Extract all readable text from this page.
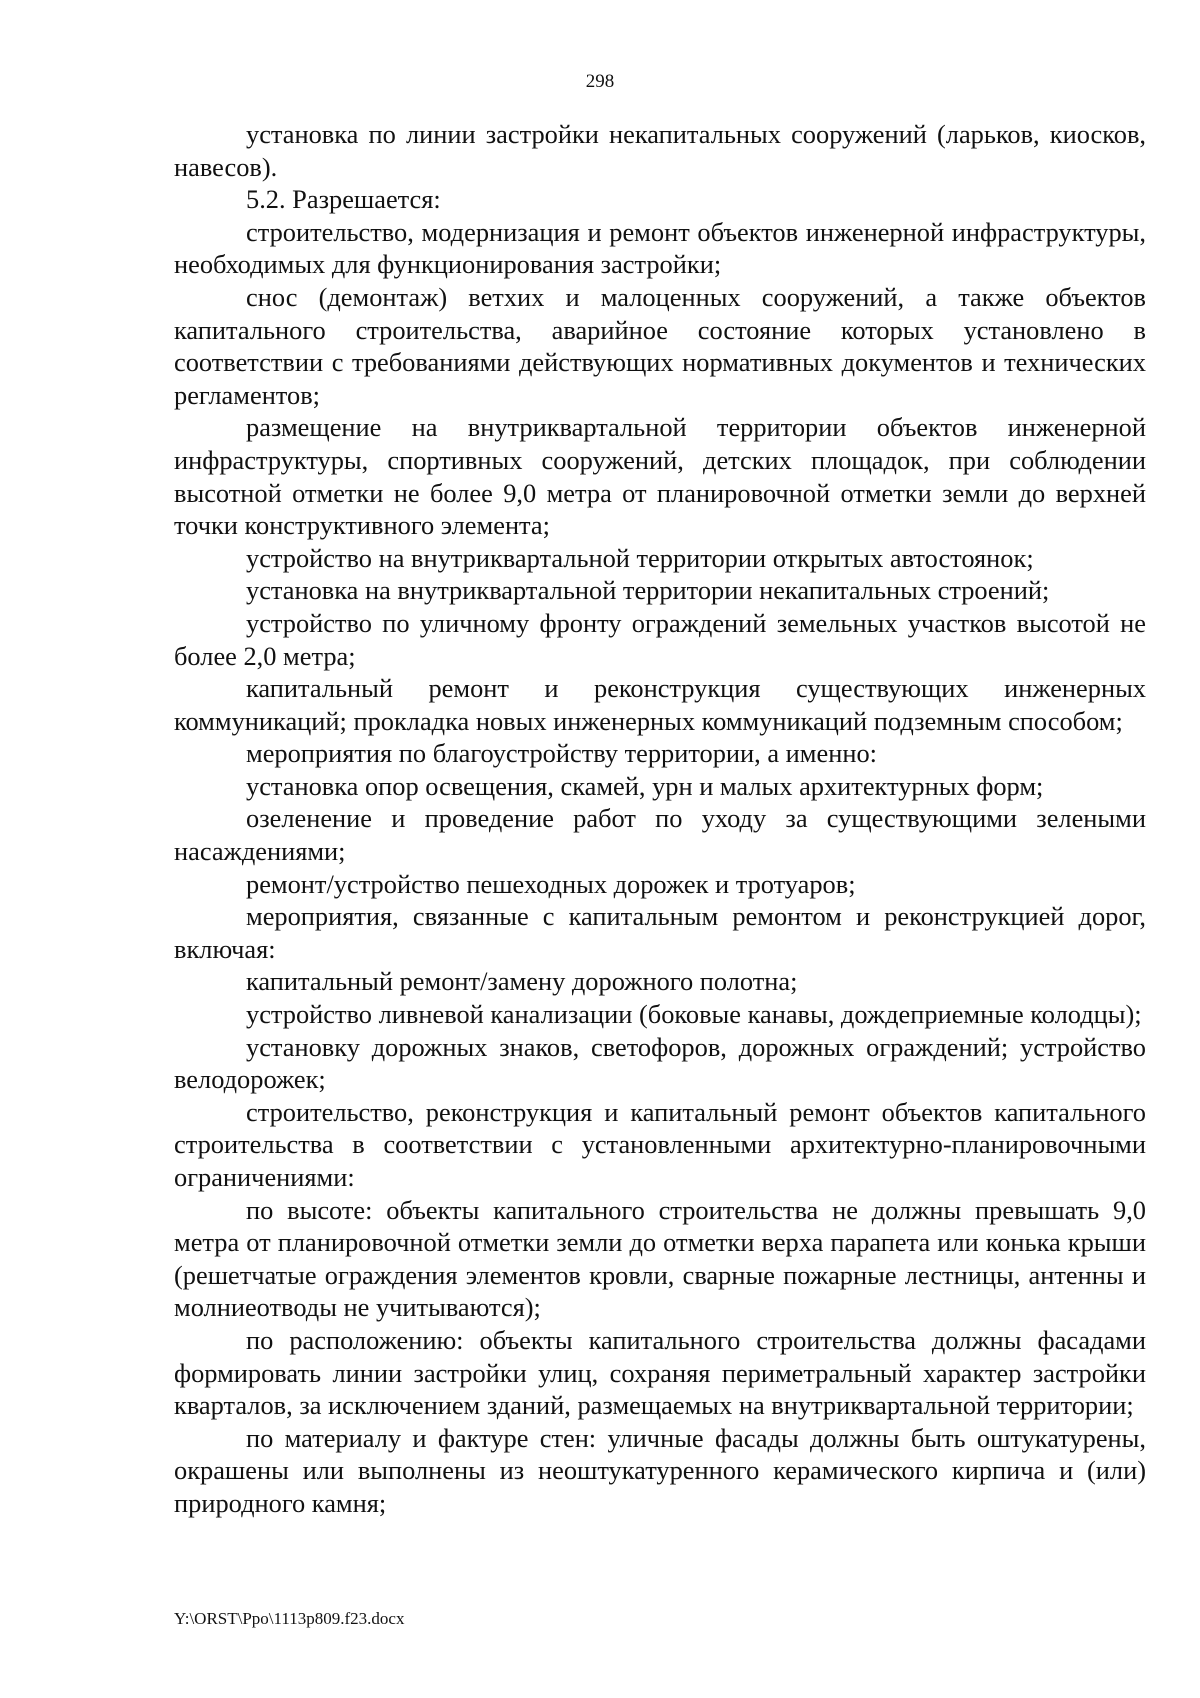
298

установка по линии застройки некапитальных сооружений (ларьков, киосков, навесов).

5.2. Разрешается:

строительство, модернизация и ремонт объектов инженерной инфраструктуры, необходимых для функционирования застройки;

снос (демонтаж) ветхих и малоценных сооружений, а также объектов капитального строительства, аварийное состояние которых установлено в соответствии с требованиями действующих нормативных документов и технических регламентов;

размещение на внутриквартальной территории объектов инженерной инфраструктуры, спортивных сооружений, детских площадок, при соблюдении высотной отметки не более 9,0 метра от планировочной отметки земли до верхней точки конструктивного элемента;

устройство на внутриквартальной территории открытых автостоянок;

установка на внутриквартальной территории некапитальных строений;

устройство по уличному фронту ограждений земельных участков высотой не более 2,0 метра;

капитальный ремонт и реконструкция существующих инженерных коммуникаций; прокладка новых инженерных коммуникаций подземным способом;

мероприятия по благоустройству территории, а именно:

установка опор освещения, скамей, урн и малых архитектурных форм;

озеленение и проведение работ по уходу за существующими зелеными насаждениями;

ремонт/устройство пешеходных дорожек и тротуаров;

мероприятия, связанные с капитальным ремонтом и реконструкцией дорог, включая:

капитальный ремонт/замену дорожного полотна;

устройство ливневой канализации (боковые канавы, дождеприемные колодцы);

установку дорожных знаков, светофоров, дорожных ограждений; устройство велодорожек;

строительство, реконструкция и капитальный ремонт объектов капитального строительства в соответствии с установленными архитектурно-планировочными ограничениями:

по высоте: объекты капитального строительства не должны превышать 9,0 метра от планировочной отметки земли до отметки верха парапета или конька крыши (решетчатые ограждения элементов кровли, сварные пожарные лестницы, антенны и молниеотводы не учитываются);

по расположению: объекты капитального строительства должны фасадами формировать линии застройки улиц, сохраняя периметральный характер застройки кварталов, за исключением зданий, размещаемых на внутриквартальной территории;

по материалу и фактуре стен: уличные фасады должны быть оштукатурены, окрашены или выполнены из неоштукатуренного керамического кирпича и (или) природного камня;

Y:\ORST\Ppo\1113p809.f23.docx
